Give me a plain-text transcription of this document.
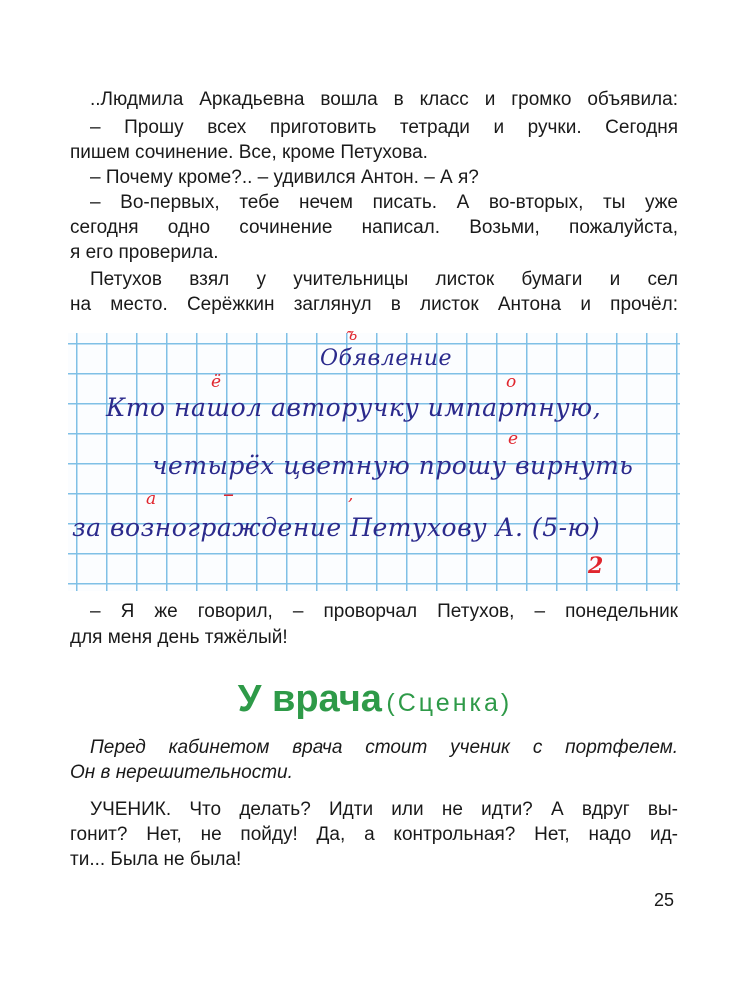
..Людмила Аркадьевна вошла в класс и громко объявила:
– Прошу всех приготовить тетради и ручки. Сегодня
пишем сочинение. Все, кроме Петухова.
– Почему кроме?.. – удивился Антон. – А я?
– Во-первых, тебе нечем писать. А во-вторых, ты уже
сегодня одно сочинение написал. Возьми, пожалуйста,
я его проверила.
Петухов взял у учительницы листок бумаги и сел
на место. Серёжкин заглянул в листок Антона и прочёл:
ъ
Обявление
ё	о
Кто нашол авторучку импартную,
е
четырёх цветную прошу вирнуть
–	,
а
за вознограждение Петухову А. (5-ю)
2
– Я же говорил, – проворчал Петухов, – понедельник
для меня день тяжёлый!
У врача (Сценка)
Перед кабинетом врача стоит ученик с портфелем.
Он в нерешительности.
УЧЕНИК. Что делать? Идти или не идти? А вдруг вы-
гонит? Нет, не пойду! Да, а контрольная? Нет, надо ид-
ти... Была не была!
25
